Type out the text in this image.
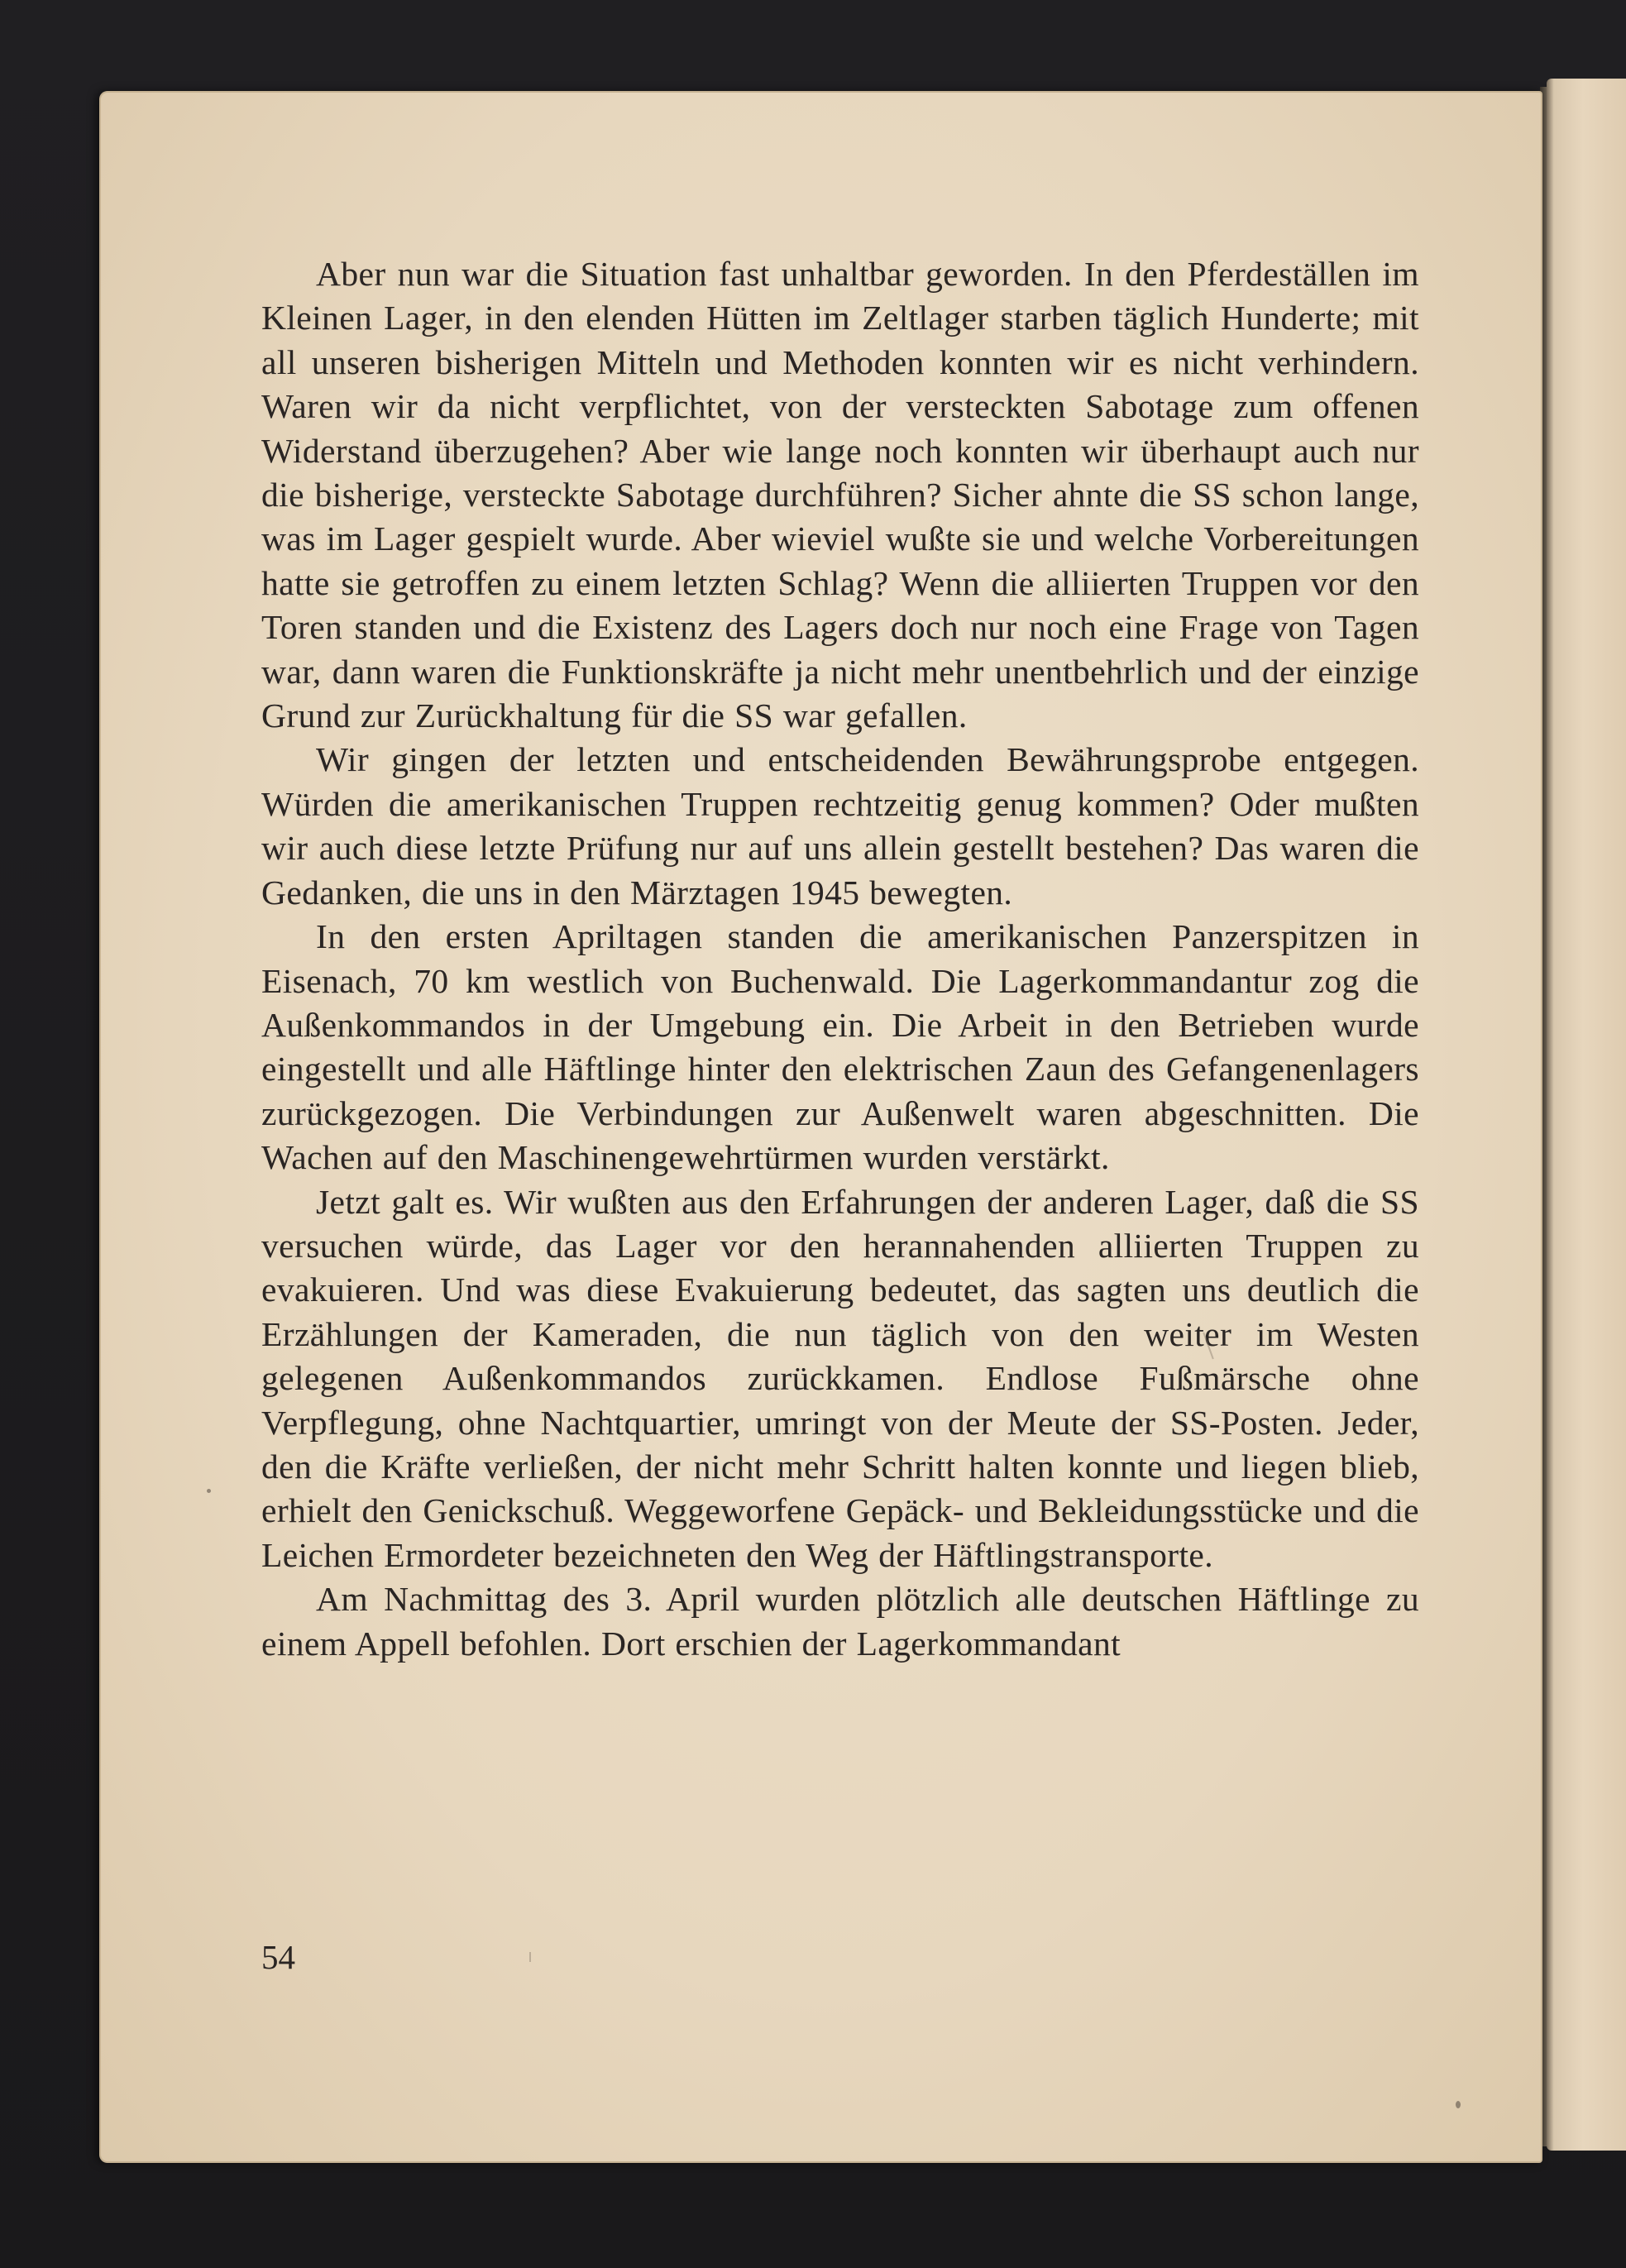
Aber nun war die Situation fast unhaltbar geworden. In den Pferdeställen im Kleinen Lager, in den elenden Hütten im Zeltlager starben täglich Hunderte; mit all unseren bisherigen Mitteln und Methoden konnten wir es nicht verhindern. Waren wir da nicht verpflichtet, von der versteckten Sabotage zum offenen Widerstand überzugehen? Aber wie lange noch konnten wir überhaupt auch nur die bisherige, versteckte Sabotage durchführen? Sicher ahnte die SS schon lange, was im Lager gespielt wurde. Aber wieviel wußte sie und welche Vorbereitungen hatte sie getroffen zu einem letzten Schlag? Wenn die alliierten Truppen vor den Toren standen und die Existenz des Lagers doch nur noch eine Frage von Tagen war, dann waren die Funktionskräfte ja nicht mehr unentbehrlich und der einzige Grund zur Zurückhaltung für die SS war gefallen.

Wir gingen der letzten und entscheidenden Bewährungsprobe entgegen. Würden die amerikanischen Truppen rechtzeitig genug kommen? Oder mußten wir auch diese letzte Prüfung nur auf uns allein gestellt bestehen? Das waren die Gedanken, die uns in den Märztagen 1945 bewegten.

In den ersten Apriltagen standen die amerikanischen Panzerspitzen in Eisenach, 70 km westlich von Buchenwald. Die Lagerkommandantur zog die Außenkommandos in der Umgebung ein. Die Arbeit in den Betrieben wurde eingestellt und alle Häftlinge hinter den elektrischen Zaun des Gefangenenlagers zurückgezogen. Die Verbindungen zur Außenwelt waren abgeschnitten. Die Wachen auf den Maschinengewehrtürmen wurden verstärkt.

Jetzt galt es. Wir wußten aus den Erfahrungen der anderen Lager, daß die SS versuchen würde, das Lager vor den herannahenden alliierten Truppen zu evakuieren. Und was diese Evakuierung bedeutet, das sagten uns deutlich die Erzählungen der Kameraden, die nun täglich von den weiter im Westen gelegenen Außenkommandos zurückkamen. Endlose Fußmärsche ohne Verpflegung, ohne Nachtquartier, umringt von der Meute der SS-Posten. Jeder, den die Kräfte verließen, der nicht mehr Schritt halten konnte und liegen blieb, erhielt den Genickschuß. Weggeworfene Gepäck- und Bekleidungsstücke und die Leichen Ermordeter bezeichneten den Weg der Häftlingstransporte.

Am Nachmittag des 3. April wurden plötzlich alle deutschen Häftlinge zu einem Appell befohlen. Dort erschien der Lagerkommandant

54
